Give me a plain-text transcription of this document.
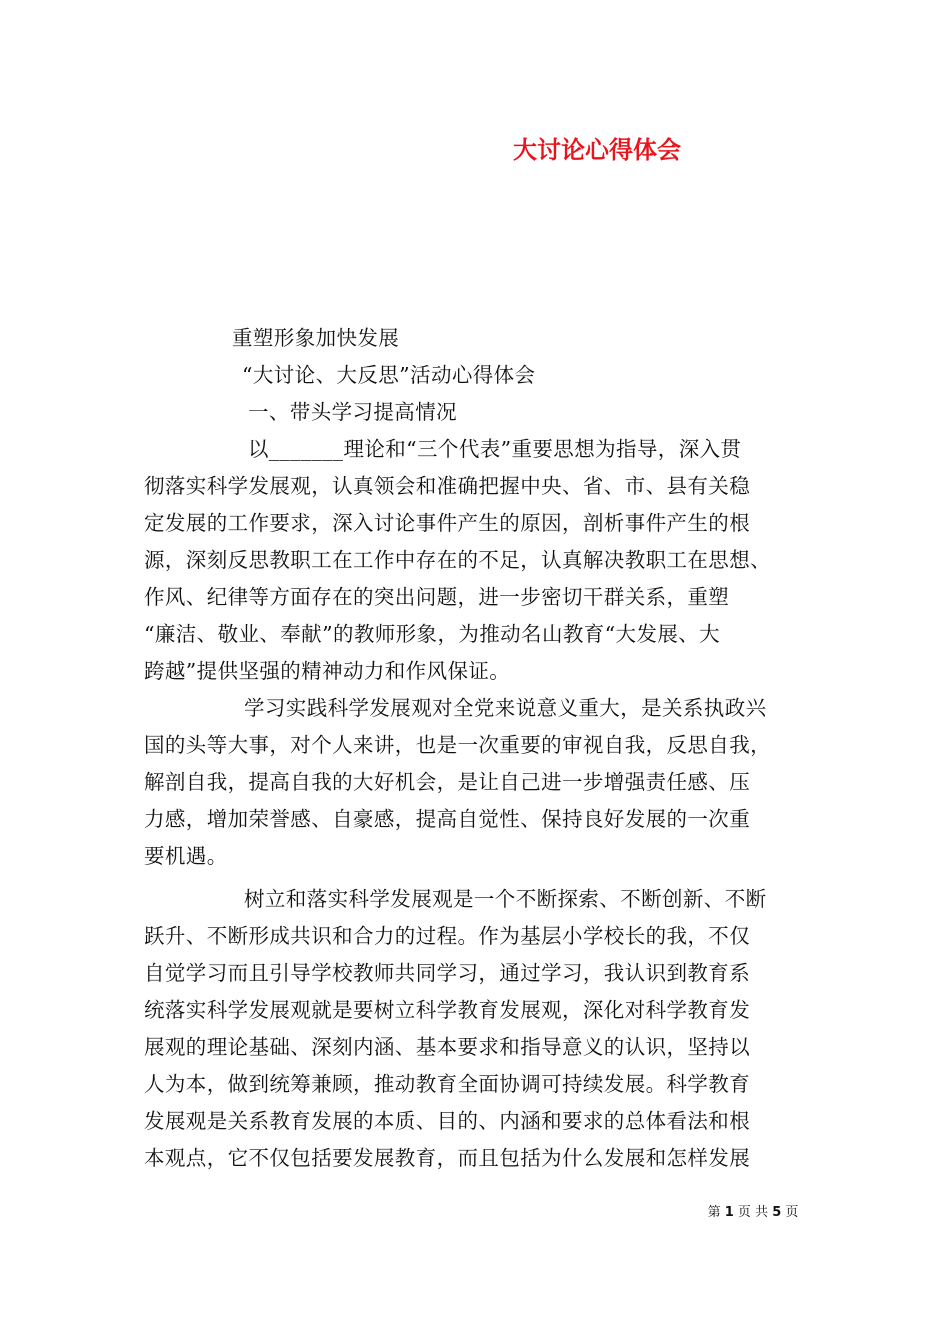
大讨论心得体会
重塑形象加快发展
“大讨论、大反思”活动心得体会
一、带头学习提高情况
以_______理论和“三个代表”重要思想为指导，深入贯
彻落实科学发展观，认真领会和准确把握中央、省、市、县有关稳
定发展的工作要求，深入讨论事件产生的原因，剖析事件产生的根
源，深刻反思教职工在工作中存在的不足，认真解决教职工在思想、
作风、纪律等方面存在的突出问题，进一步密切干群关系，重塑
“廉洁、敬业、奉献”的教师形象，为推动名山教育“大发展、大
跨越”提供坚强的精神动力和作风保证。
学习实践科学发展观对全党来说意义重大，是关系执政兴
国的头等大事，对个人来讲，也是一次重要的审视自我，反思自我，
解剖自我，提高自我的大好机会，是让自己进一步增强责任感、压
力感，增加荣誉感、自豪感，提高自觉性、保持良好发展的一次重
要机遇。
树立和落实科学发展观是一个不断探索、不断创新、不断
跃升、不断形成共识和合力的过程。作为基层小学校长的我，不仅
自觉学习而且引导学校教师共同学习，通过学习，我认识到教育系
统落实科学发展观就是要树立科学教育发展观，深化对科学教育发
展观的理论基础、深刻内涵、基本要求和指导意义的认识，坚持以
人为本，做到统筹兼顾，推动教育全面协调可持续发展。科学教育
发展观是关系教育发展的本质、目的、内涵和要求的总体看法和根
本观点，它不仅包括要发展教育，而且包括为什么发展和怎样发展
第 1 页 共 5 页
